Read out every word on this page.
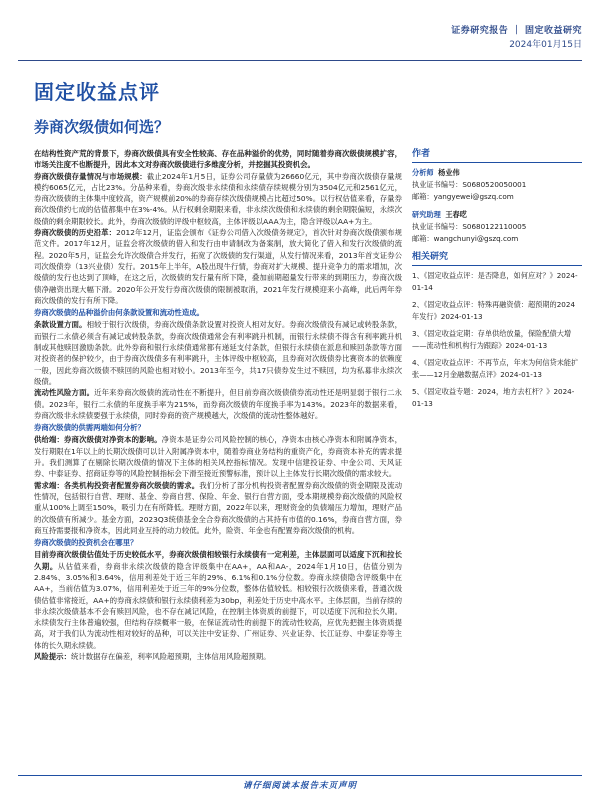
证券研究报告 ｜ 固定收益研究
2024年01月15日
固定收益点评
券商次级债如何选？

在结构性资产荒的背景下，券商次级债具有安全性较高、存在品种溢价的优势，同时随着券商次级债规模扩容，市场关注度不也断提升，因此本文对券商次级债进行多维度分析，并挖掘其投资机会。

券商次级债存量情况与市场规模：截止2024年1月5日，证券公司存量债为26660亿元，其中券商次级债存量规模约6065亿元，占比23%。分品种来看，券商次级非永续债和永续债存续规模分别为3504亿元和2561亿元，券商次级债的主体集中度较高，资产规模前20%的券商存续次级债规模占比超过50%。以行权估值来看，存量券商次级债约七成的估值都集中在3%-4%。从行权剩余期限来看，非永续次级债和永续债的剩余期限偏短，永续次级债的剩余期限较长。此外，券商次级债的评级中枢较高，主体评级以AAA为主，隐含评级以AA+为主。

券商次级债的历史沿革：2012年12月，证监会颁布《证券公司借入次级债务规定》，首次针对券商次级债颁布规范文件。2017年12月，证监会将次级债的借入和发行由申请制改为备案制，放大简化了借入和发行次级债的流程。2020年5月，证监会允许次级债合并发行，拓宽了次级债的发行渠道，从发行情况来看，2013年首支证券公司次级债券（13兴业债）发行。2015年上半年，A股出现牛行情，券商对扩大规模、提升竞争力的需求增加，次级债的发行也达到了顶峰，在这之后，次级债的发行量有所下降，叠加前期超量发行带来的到期压力，券商次级债净融资出现大幅下滑。2020年公开发行券商次级债的限制被取消，2021年发行规模迎来小高峰，此后两年券商次级债的发行有所下降。

券商次级债的品种溢价由何条款设置和流动性造成。

条款设置方面。相较于银行次级债，券商次级债条款设置对投资人相对友好。券商次级债没有减记或转股条款，而银行二永债必须含有减记或转股条款，券商次级债通常会有利率跳升机制，而银行永续债不得含有利率跳升机制或其他赎回激励条款。此外券商和银行永续债通常都有递延支付条款，但银行永续债在派息和赎回条款等方面对投资者的保护较少，由于券商次级债多有利率跳升，主体评级中枢较高，且券商对次级债券比赛资本的依赖度一般，因此券商次级债不赎回的风险也相对较小。2013年至今，共17只债券发生过不赎回，均为私募非永续次级债。

流动性风险方面。近年来券商次级债的流动性在不断提升，但目前券商次级债债券流动性还是明显弱于银行二永债。2023年，银行二永债的年度换手率为215%，而券商次级债的年度换手率为143%。2023年的数据来看，券商次级非永续债要强于永续债，同时券商的资产规模越大，次级债的流动性整体越好。

券商次级债的供需两端如何分析？

供给端：券商次级债对净资本的影响。净资本是证券公司风险控制的核心，净资本由核心净资本和附属净资本，发行期限在1年以上的长期次级债可以计入附属净资本中，随着券商业务结构的重资产化，券商资本补充的需求提升。我们测算了在剔除长期次级债的情况下主体的相关风控指标情况。发现中信建投证券、中金公司、天风证券、中泰证券、招商证券等的风险控制指标会下滑至接近预警标准，预计以上主体发行长期次级债的需求较大。

需求端：各类机构投资者配置券商次级债的需求。我们分析了部分机构投资者配置券商次级债的资金期限及流动性情况，包括银行自营、理财、基金、券商自营、保险、年金、银行自营方面，受本期规模券商次级债的风险权重从100%上调至150%，吸引力在有所降低。理财方面，2022年以来，理财资金的负债端压力增加，理财产品的次级债有所减少。基金方面，2023Q3统债基金全合券商次级债的占其持有市值的0.16%，券商自营方面，券商互持需要报和净资本，因此同业互持的动力较低。此外，险资、年金也有配置券商次级债的机构。

券商次级债的投资机会在哪里？

目前券商次级债估值处于历史较低水平，券商次级债相较银行永续债有一定利差，主体层面可以适度下沉和拉长久期。从估值来看，券商非永续次级债的隐含评级集中在AA+，AA和AA-，2024年1月10日，估值分别为2.84%、3.05%和3.64%，信用利差处于近三年的29%、6.1%和0.1%分位数。券商永续债隐含评级集中在AA+，当前估值为3.07%，信用利差处于近三年的9%分位数，整体估值较低。相较银行次级债来看，普通次级债估值非常接近，AA+的券商永续债和银行永续债利差为30bp，利差处于历史中高水平。主体层面，当前存续的非永续次级债基本不会有赎回风险，也不存在减记风险，在控制主体资质的前提下，可以适度下沉和拉长久期。永续债发行主体普遍较强，但结构存续概率一般，在保证流动性的前提下的流动性较高，应优先把握主体资质提高，对于我们认为流动性相对较好的品种，可以关注中安证券、广州证券、兴业证券、长江证券、中泰证券等主体的长久期永续债。

风险提示：统计数据存在偏差，利率风险超预期，主体信用风险超预期。

作者
分析师 杨业伟
执业证书编号：S0680520050001
邮箱：yangyewei@gszq.com
研究助理 王春呓
执业证书编号：S0680122110005
邮箱：wangchunyi@gszq.com
相关研究
1、《固定收益点评：是否降息，如何应对？》2024-01-14
2、《固定收益点评：特殊再融资债：超预期的2024年发行》2024-01-13
3、《固定收益定期：存单供给放量，保险配债大增——流动性和机构行为跟踪》2024-01-13
4、《固定收益点评：不再节点，年末为何信贷未能扩张——12月金融数据点评》2024-01-13
5、《固定收益专题：2024，地方去杠杆？》2024-01-13
请仔细阅读本报告末页声明
